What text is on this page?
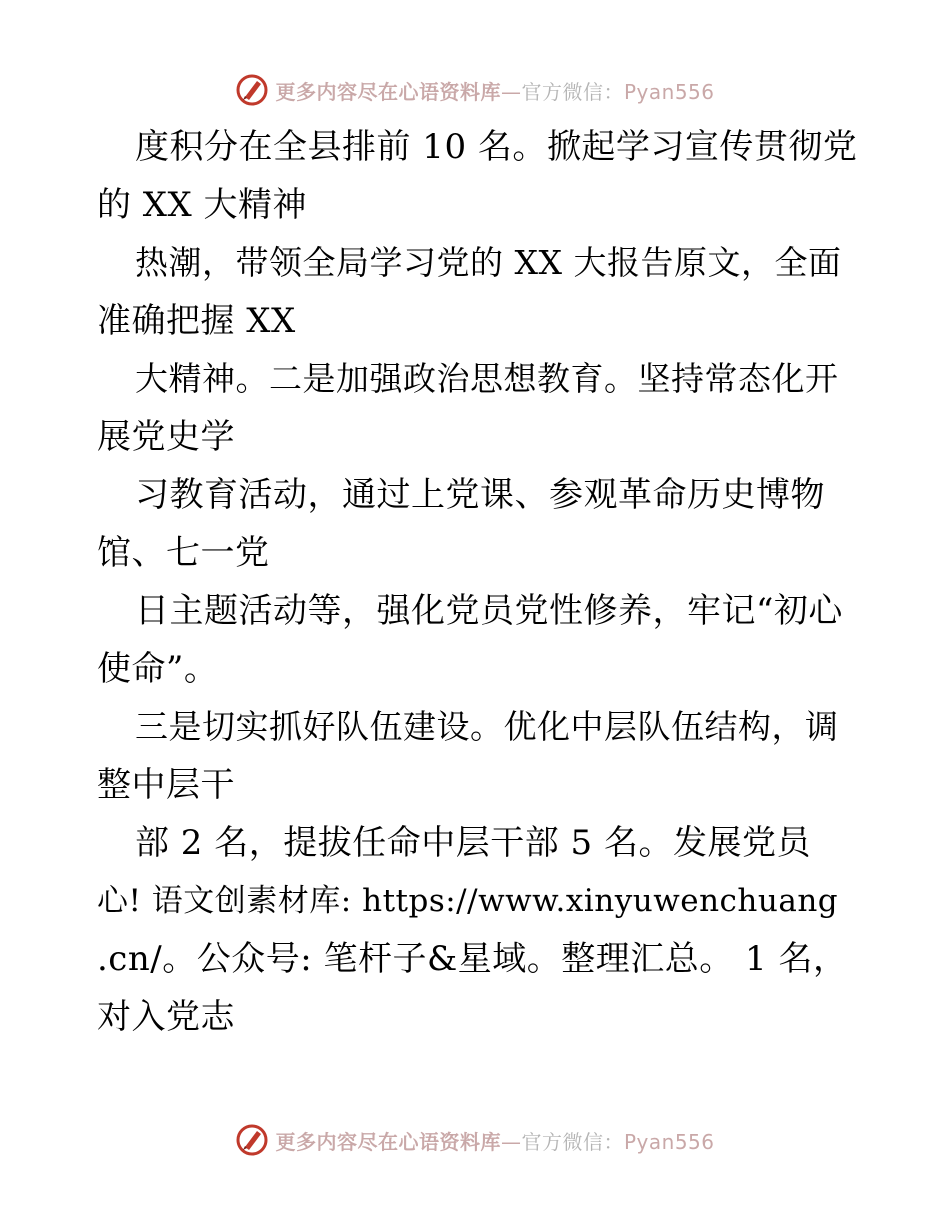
更多内容尽在心语资料库—官方微信：Pyan556
度积分在全县排前 10 名。掀起学习宣传贯彻党
的 XX 大精神
热潮，带领全局学习党的 XX 大报告原文，全面
准确把握 XX
大精神。二是加强政治思想教育。坚持常态化开
展党史学
习教育活动，通过上党课、参观革命历史博物
馆、七一党
日主题活动等，强化党员党性修养，牢记“初心
使命”。
三是切实抓好队伍建设。优化中层队伍结构，调
整中层干
部 2 名，提拔任命中层干部 5 名。发展党员
心! 语文创素材库: https://www.xinyuwenchuang
.cn/。公众号: 笔杆子&星域。整理汇总。 1 名，
对入党志
更多内容尽在心语资料库—官方微信：Pyan556
